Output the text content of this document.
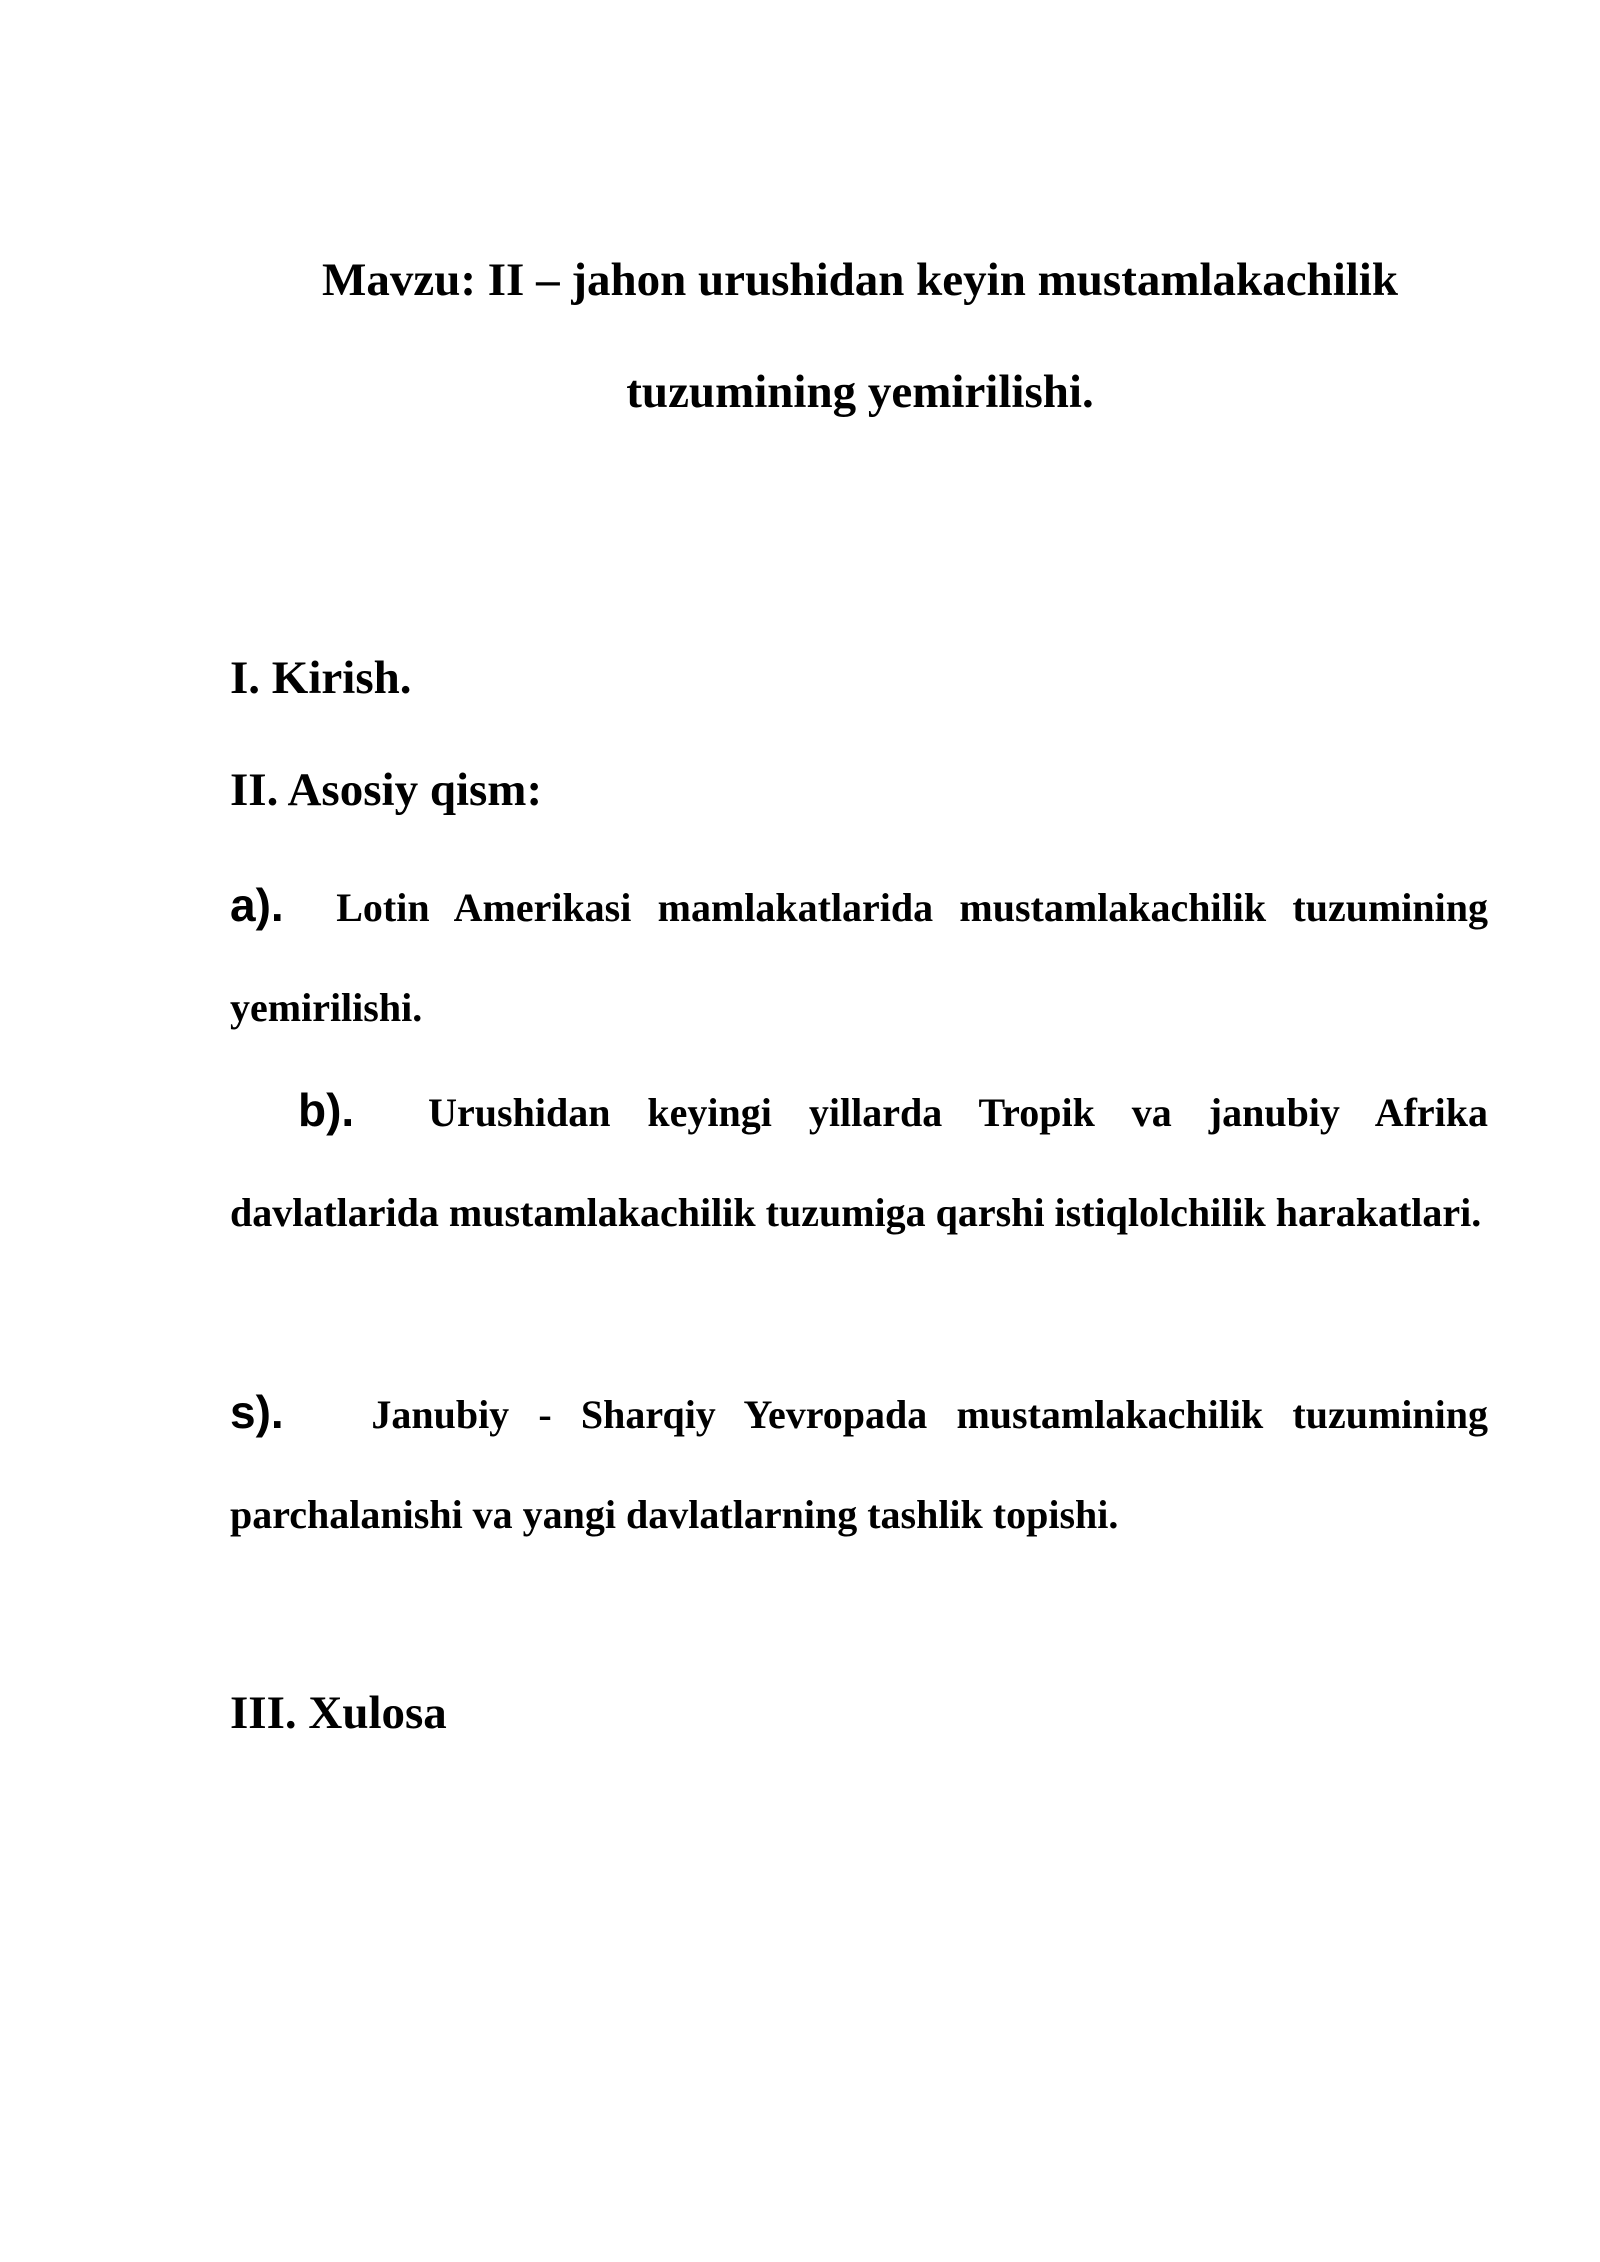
Mavzu: II – jahon urushidan keyin mustamlakachilik
tuzumining yemirilishi.
I. Kirish.
II. Asosiy qism:

a). Lotin Amerikasi mamlakatlarida mustamlakachilik tuzumining yemirilishi.

b). Urushidan keyingi yillarda Tropik va janubiy Afrika davlatlarida mustamlakachilik tuzumiga qarshi istiqlolchilik harakatlari.

s). Janubiy - Sharqiy Yevropada mustamlakachilik tuzumining parchalanishi va yangi davlatlarning tashlik topishi.

III. Xulosa
